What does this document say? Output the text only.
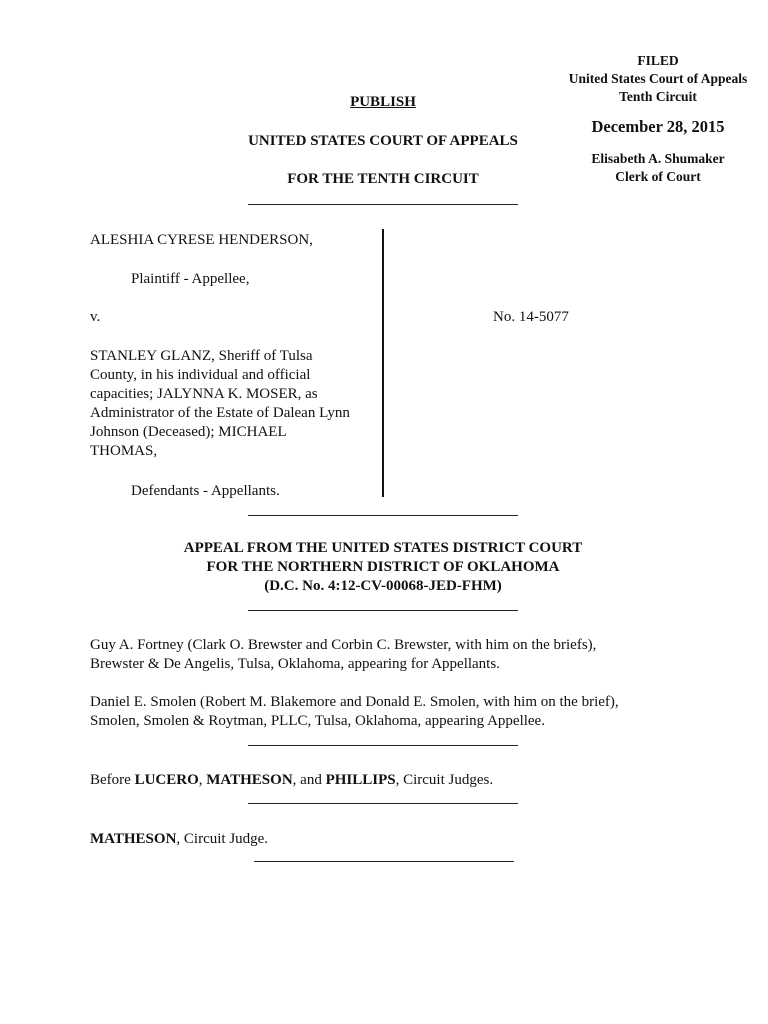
FILED
United States Court of Appeals
Tenth Circuit
December 28, 2015
Elisabeth A. Shumaker
Clerk of Court
PUBLISH
UNITED STATES COURT OF APPEALS
FOR THE TENTH CIRCUIT
ALESHIA CYRESE HENDERSON,
Plaintiff - Appellee,
v.
STANLEY GLANZ, Sheriff of Tulsa
County, in his individual and official
capacities; JALYNNA K. MOSER, as
Administrator of the Estate of Dalean Lynn
Johnson (Deceased); MICHAEL
THOMAS,
Defendants - Appellants.
No. 14-5077
APPEAL FROM THE UNITED STATES DISTRICT COURT
FOR THE NORTHERN DISTRICT OF OKLAHOMA
(D.C. No. 4:12-CV-00068-JED-FHM)
Guy A. Fortney (Clark O. Brewster and Corbin C. Brewster, with him on the briefs),
Brewster & De Angelis, Tulsa, Oklahoma, appearing for Appellants.
Daniel E. Smolen (Robert M. Blakemore and Donald E. Smolen, with him on the brief),
Smolen, Smolen & Roytman, PLLC, Tulsa, Oklahoma, appearing Appellee.
Before LUCERO, MATHESON, and PHILLIPS, Circuit Judges.
MATHESON, Circuit Judge.
